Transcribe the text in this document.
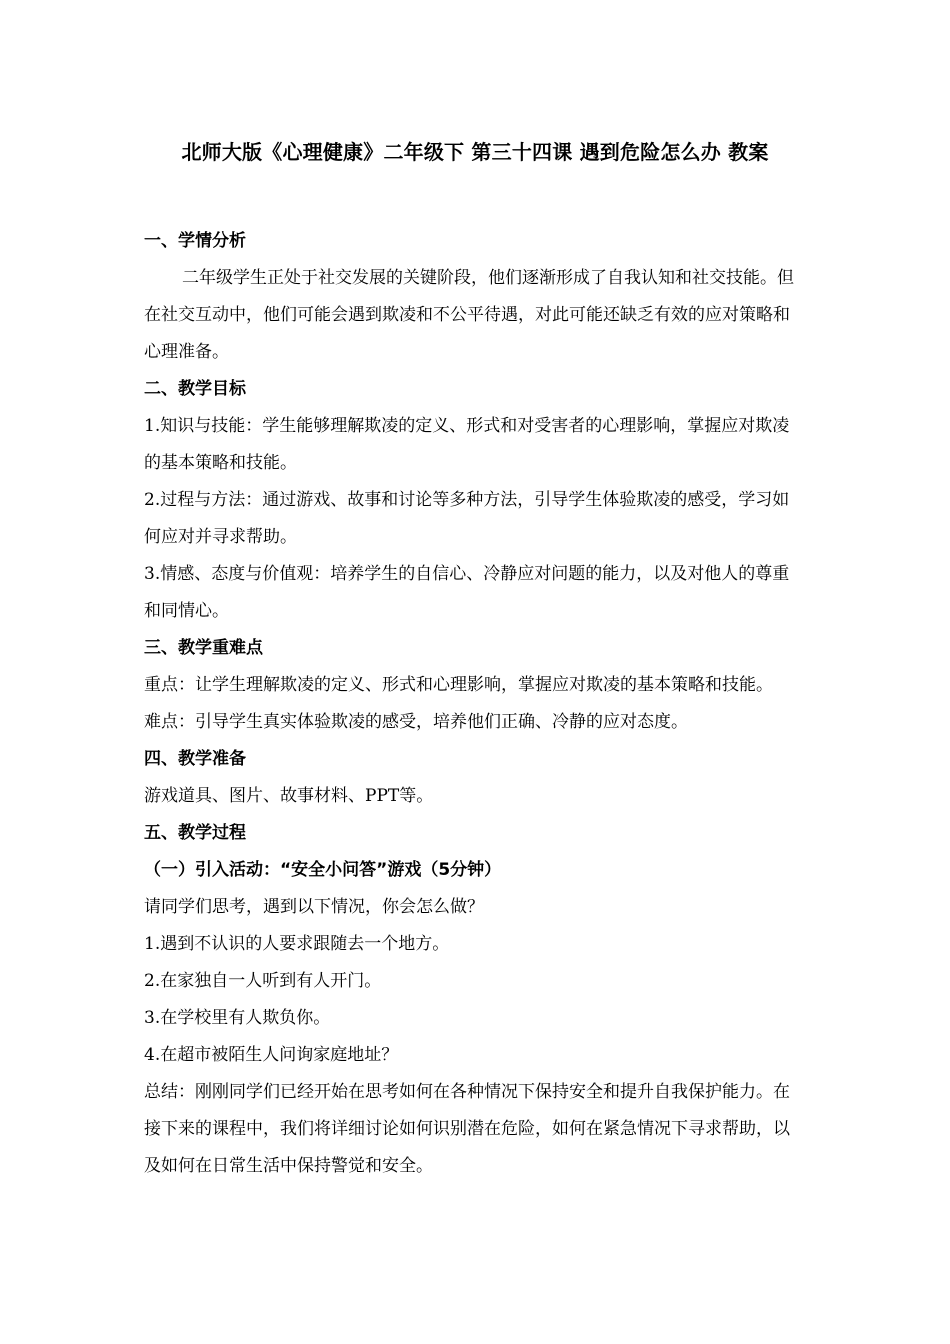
北师大版《心理健康》二年级下 第三十四课 遇到危险怎么办 教案
一、学情分析

二年级学生正处于社交发展的关键阶段，他们逐渐形成了自我认知和社交技能。但在社交互动中，他们可能会遇到欺凌和不公平待遇，对此可能还缺乏有效的应对策略和心理准备。

二、教学目标

1.知识与技能：学生能够理解欺凌的定义、形式和对受害者的心理影响，掌握应对欺凌的基本策略和技能。

2.过程与方法：通过游戏、故事和讨论等多种方法，引导学生体验欺凌的感受，学习如何应对并寻求帮助。

3.情感、态度与价值观：培养学生的自信心、冷静应对问题的能力，以及对他人的尊重和同情心。

三、教学重难点

重点：让学生理解欺凌的定义、形式和心理影响，掌握应对欺凌的基本策略和技能。

难点：引导学生真实体验欺凌的感受，培养他们正确、冷静的应对态度。

四、教学准备
游戏道具、图片、故事材料、PPT等。
五、教学过程
（一）引入活动：“安全小问答”游戏（5分钟）
请同学们思考，遇到以下情况，你会怎么做？
1.遇到不认识的人要求跟随去一个地方。
2.在家独自一人听到有人开门。
3.在学校里有人欺负你。
4.在超市被陌生人问询家庭地址？

总结：刚刚同学们已经开始在思考如何在各种情况下保持安全和提升自我保护能力。在接下来的课程中，我们将详细讨论如何识别潜在危险，如何在紧急情况下寻求帮助，以及如何在日常生活中保持警觉和安全。
